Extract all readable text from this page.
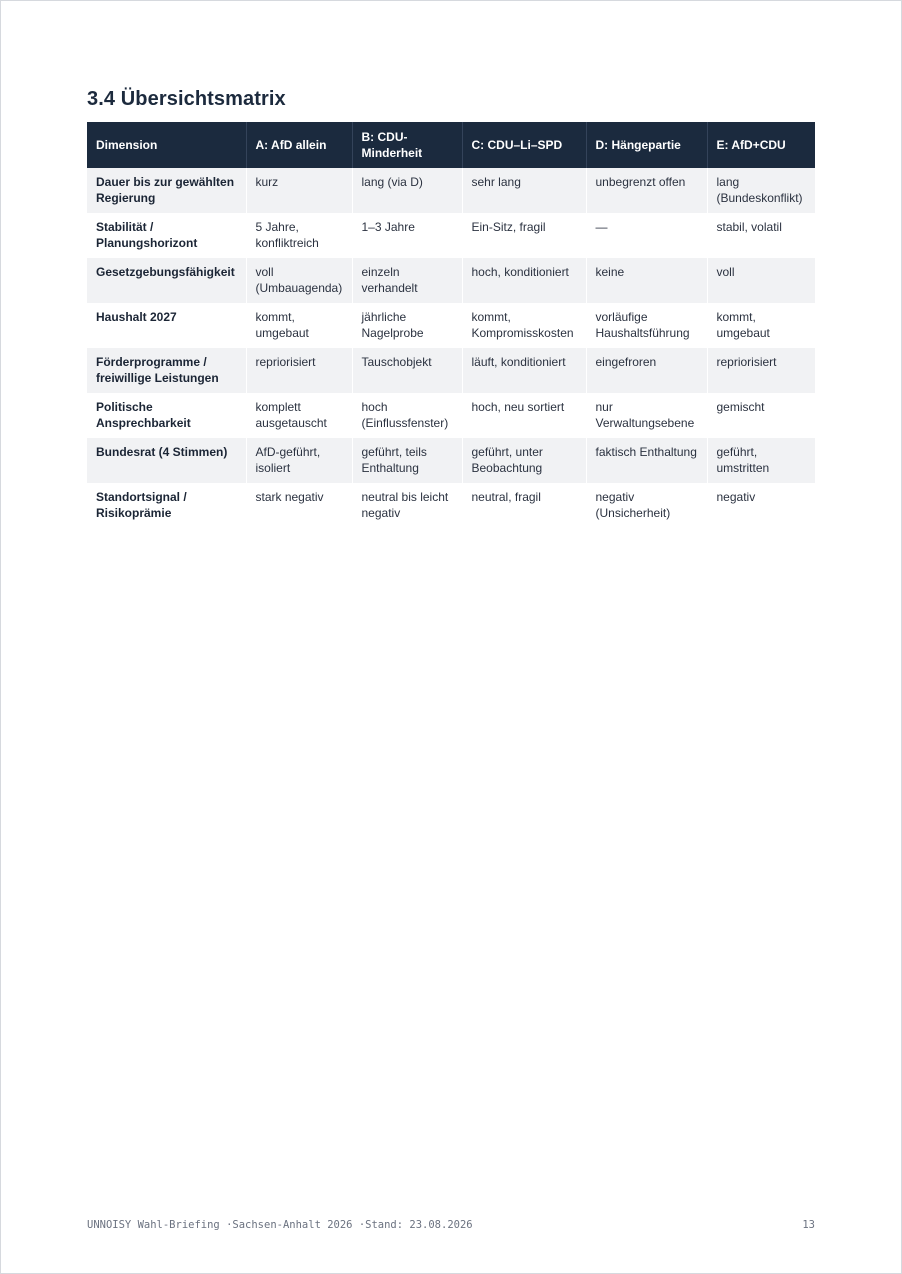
3.4 Übersichtsmatrix
Dimension	A: AfD allein	B: CDU-Minderheit	C: CDU–Li–SPD	D: Hängepartie	E: AfD+CDU
Dauer bis zur gewählten Regierung	kurz	lang (via D)	sehr lang	unbegrenzt offen	lang (Bundeskonflikt)
Stabilität / Planungshorizont	5 Jahre, konfliktreich	1–3 Jahre	Ein-Sitz, fragil	—	stabil, volatil
Gesetzgebungsfähigkeit	voll (Umbauagenda)	einzeln verhandelt	hoch, konditioniert	keine	voll
Haushalt 2027	kommt, umgebaut	jährliche Nagelprobe	kommt, Kompromisskosten	vorläufige Haushaltsführung	kommt, umgebaut
Förderprogramme / freiwillige Leistungen	repriorisiert	Tauschobjekt	läuft, konditioniert	eingefroren	repriorisiert
Politische Ansprechbarkeit	komplett ausgetauscht	hoch (Einflussfenster)	hoch, neu sortiert	nur Verwaltungsebene	gemischt
Bundesrat (4 Stimmen)	AfD-geführt, isoliert	geführt, teils Enthaltung	geführt, unter Beobachtung	faktisch Enthaltung	geführt, umstritten
Standortsignal / Risikoprämie	stark negativ	neutral bis leicht negativ	neutral, fragil	negativ (Unsicherheit)	negativ
UNNOISY Wahl-Briefing ·Sachsen-Anhalt 2026 ·Stand: 23.08.2026	13
